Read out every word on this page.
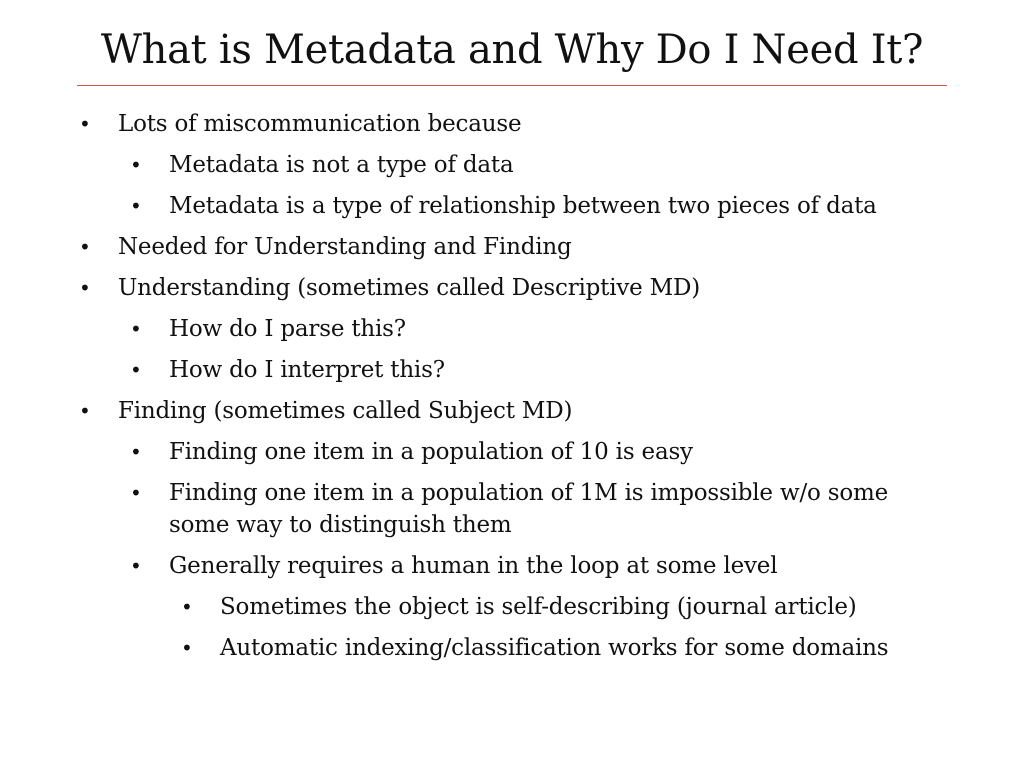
What is Metadata and Why Do I Need It?
• Lots of miscommunication because
• Metadata is not a type of data
• Metadata is a type of relationship between two pieces of data
• Needed for Understanding and Finding
• Understanding (sometimes called Descriptive MD)
• How do I parse this?
• How do I interpret this?
• Finding (sometimes called Subject MD)
• Finding one item in a population of 10 is easy
• Finding one item in a population of 1M is impossible w/o some some way to distinguish them
• Generally requires a human in the loop at some level
• Sometimes the object is self-describing (journal article)
• Automatic indexing/classification works for some domains
